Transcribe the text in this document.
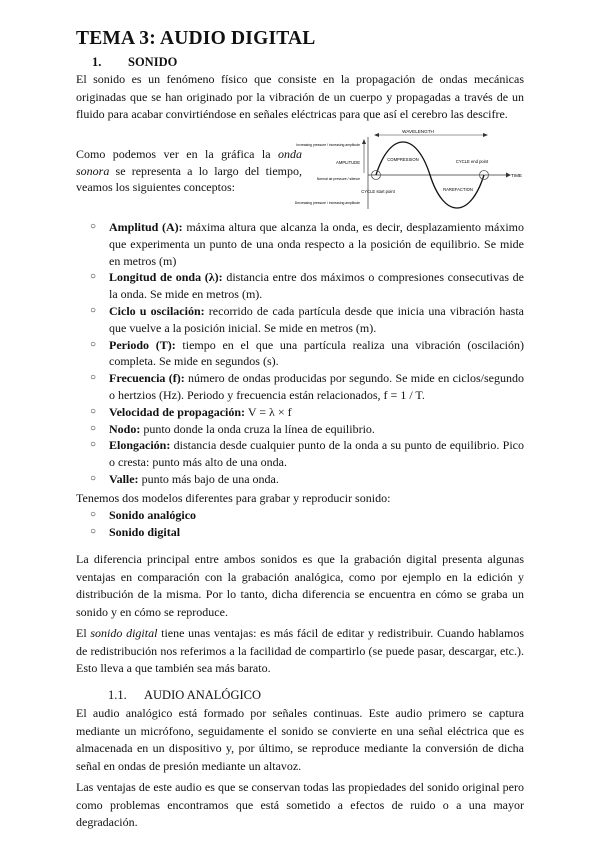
TEMA 3: AUDIO DIGITAL
1. SONIDO
El sonido es un fenómeno físico que consiste en la propagación de ondas mecánicas originadas que se han originado por la vibración de un cuerpo y propagadas a través de un fluido para acabar convirtiéndose en señales eléctricas para que así el cerebro las descifre.
Como podemos ver en la gráfica la onda sonora se representa a lo largo del tiempo, veamos los siguientes conceptos:
WAVELENGTH
Increasing pressure / increasing amplitude
AMPLITUDE
Normal air pressure / silence
Decreasing pressure / increasing amplitude
COMPRESSION	CYCLE end point
RAREFACTION
CYCLE start point
TIME
○ Amplitud (A): máxima altura que alcanza la onda, es decir, desplazamiento máximo que experimenta un punto de una onda respecto a la posición de equilibrio. Se mide en metros (m)
○ Longitud de onda (λ): distancia entre dos máximos o compresiones consecutivas de la onda. Se mide en metros (m).
○ Ciclo u oscilación: recorrido de cada partícula desde que inicia una vibración hasta que vuelve a la posición inicial. Se mide en metros (m).
○ Periodo (T): tiempo en el que una partícula realiza una vibración (oscilación) completa. Se mide en segundos (s).
○ Frecuencia (f): número de ondas producidas por segundo. Se mide en ciclos/segundo o hertzios (Hz). Periodo y frecuencia están relacionados, f = 1 / T.
○ Velocidad de propagación: V = λ × f
○ Nodo: punto donde la onda cruza la línea de equilibrio.
○ Elongación: distancia desde cualquier punto de la onda a su punto de equilibrio. Pico o cresta: punto más alto de una onda.
○ Valle: punto más bajo de una onda.
Tenemos dos modelos diferentes para grabar y reproducir sonido:
○ Sonido analógico
○ Sonido digital
La diferencia principal entre ambos sonidos es que la grabación digital presenta algunas ventajas en comparación con la grabación analógica, como por ejemplo en la edición y distribución de la misma. Por lo tanto, dicha diferencia se encuentra en cómo se graba un sonido y en cómo se reproduce.
El sonido digital tiene unas ventajas: es más fácil de editar y redistribuir. Cuando hablamos de redistribución nos referimos a la facilidad de compartirlo (se puede pasar, descargar, etc.). Esto lleva a que también sea más barato.
1.1. AUDIO ANALÓGICO
El audio analógico está formado por señales continuas. Este audio primero se captura mediante un micrófono, seguidamente el sonido se convierte en una señal eléctrica que es almacenada en un dispositivo y, por último, se reproduce mediante la conversión de dicha señal en ondas de presión mediante un altavoz.
Las ventajas de este audio es que se conservan todas las propiedades del sonido original pero como problemas encontramos que está sometido a efectos de ruido o a una mayor degradación.
